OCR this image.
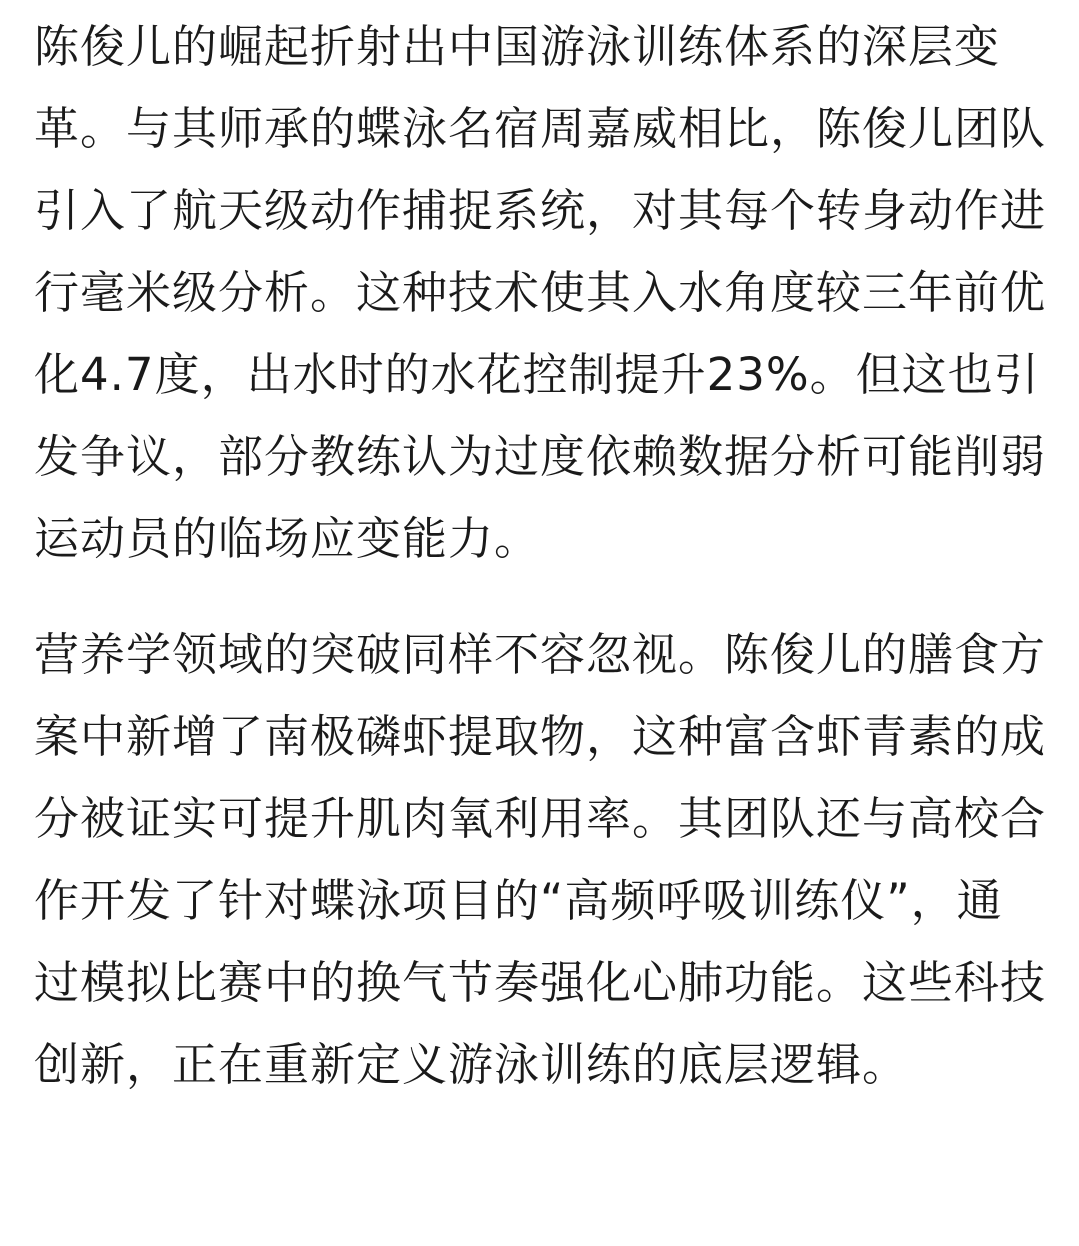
陈俊儿的崛起折射出中国游泳训练体系的深层变革。与其师承的蝶泳名宿周嘉威相比，陈俊儿团队引入了航天级动作捕捉系统，对其每个转身动作进行毫米级分析。这种技术使其入水角度较三年前优化4.7度，出水时的水花控制提升23%。但这也引发争议，部分教练认为过度依赖数据分析可能削弱运动员的临场应变能力。

营养学领域的突破同样不容忽视。陈俊儿的膳食方案中新增了南极磷虾提取物，这种富含虾青素的成分被证实可提升肌肉氧利用率。其团队还与高校合作开发了针对蝶泳项目的“高频呼吸训练仪”，通过模拟比赛中的换气节奏强化心肺功能。这些科技创新，正在重新定义游泳训练的底层逻辑。
